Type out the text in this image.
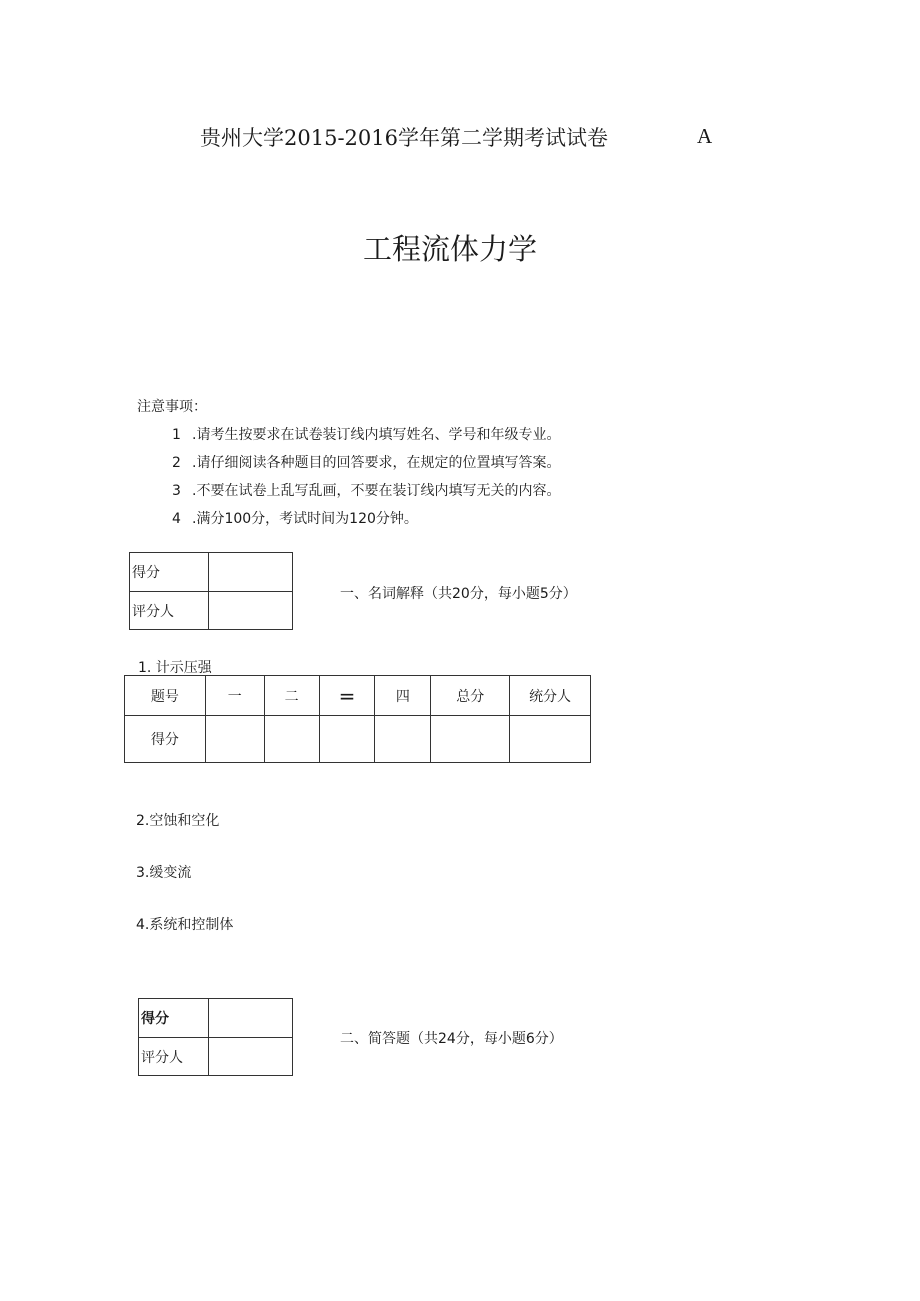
贵州大学2015-2016学年第二学期考试试卷	A
工程流体力学
注意事项：
1 .请考生按要求在试卷装订线内填写姓名、学号和年级专业。
2 .请仔细阅读各种题目的回答要求，在规定的位置填写答案。
3 .不要在试卷上乱写乱画，不要在装订线内填写无关的内容。
4 .满分100分，考试时间为120分钟。
得分	
评分人	
一、名词解释（共20分，每小题5分）
1. 计示压强
题号	一	二	=	四	总分	统分人
得分						
2.空蚀和空化
3.缓变流
4.系统和控制体
得分	
评分人	
二、简答题（共24分，每小题6分）
